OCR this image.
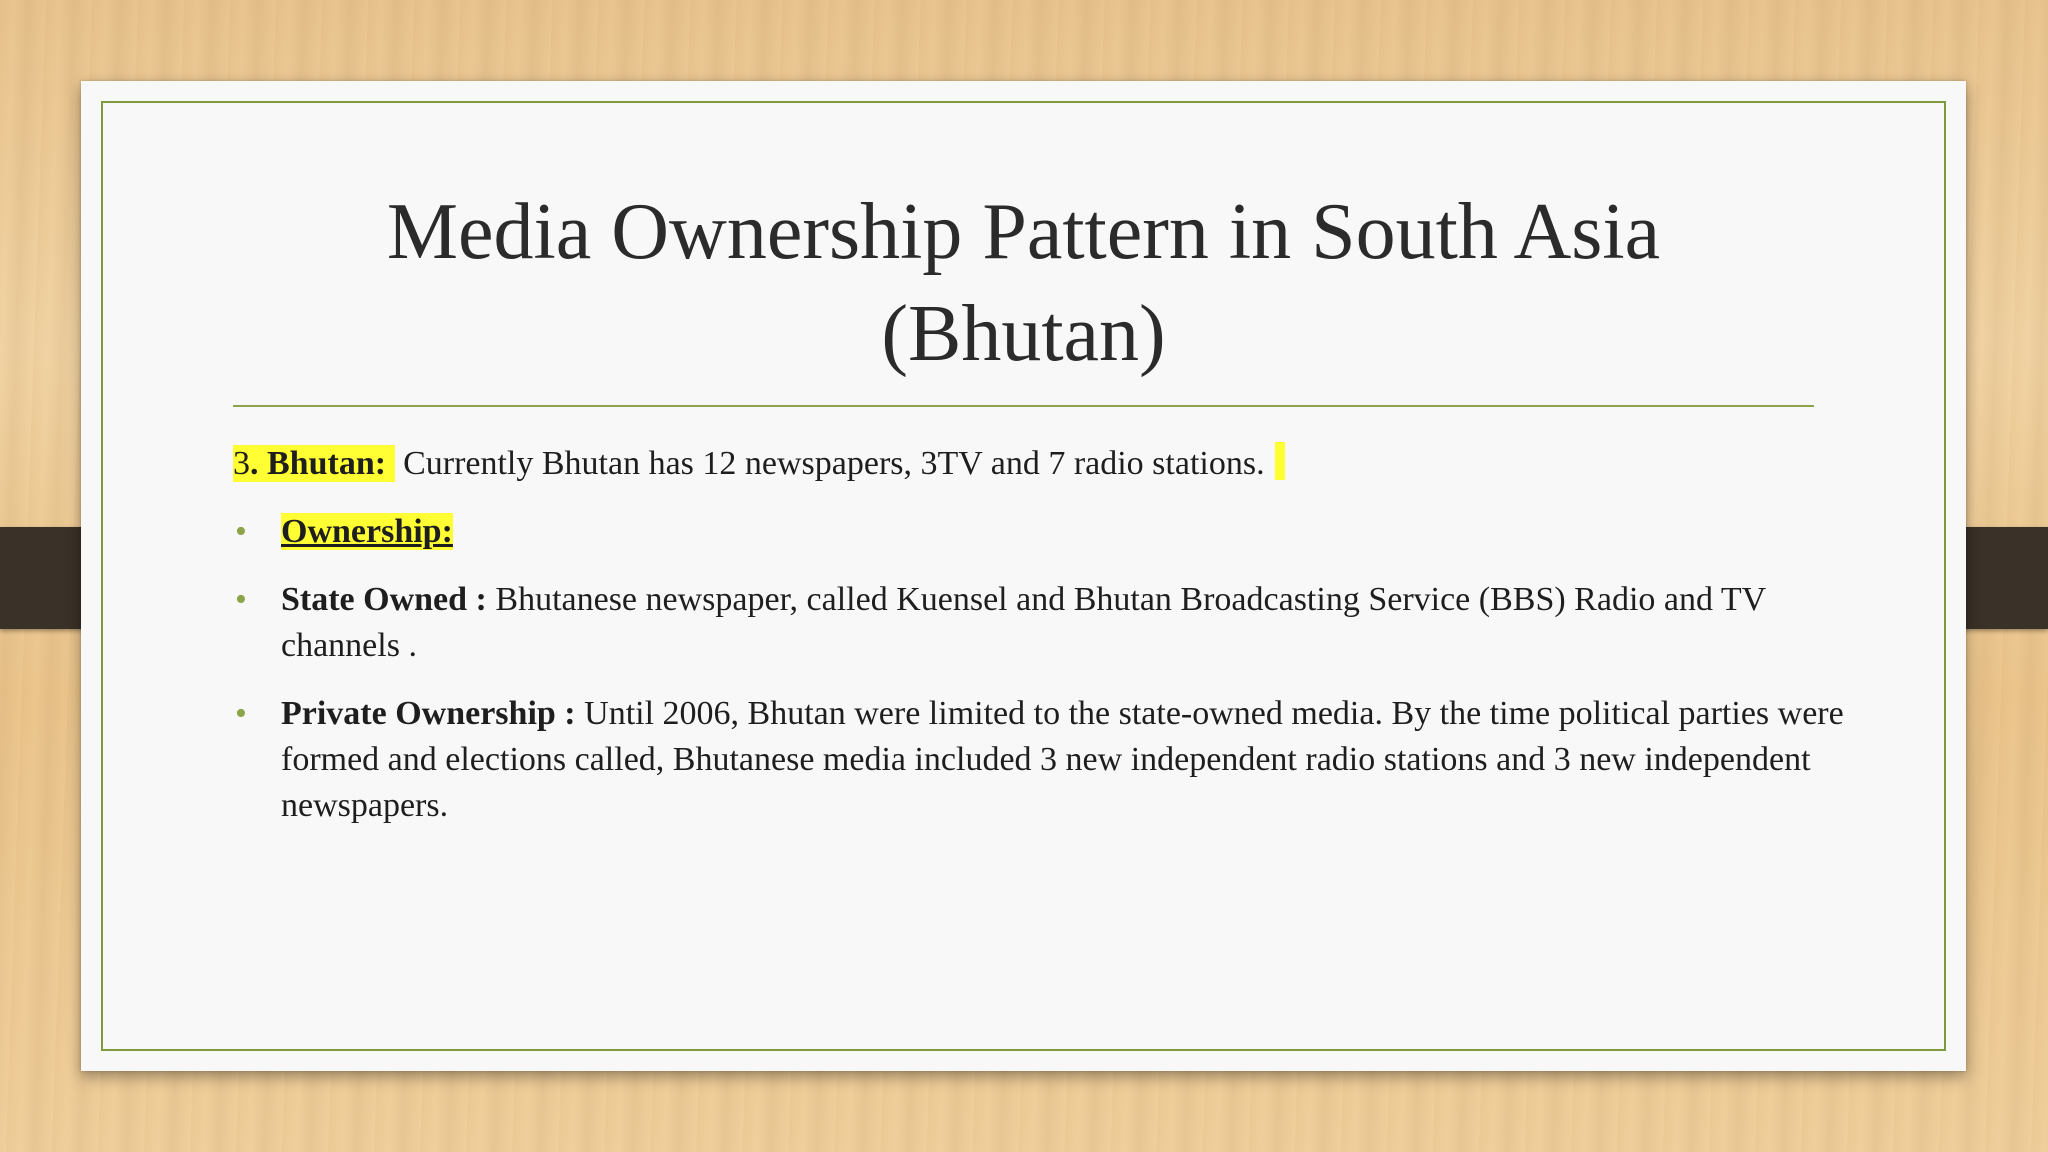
Media Ownership Pattern in South Asia
(Bhutan)

3. Bhutan: Currently Bhutan has 12 newspapers, 3TV and 7 radio stations.

• Ownership:
• State Owned : Bhutanese newspaper, called Kuensel and Bhutan Broadcasting Service (BBS) Radio and TV channels .
• Private Ownership : Until 2006, Bhutan were limited to the state-owned media. By the time political parties were formed and elections called, Bhutanese media included 3 new independent radio stations and 3 new independent newspapers.
